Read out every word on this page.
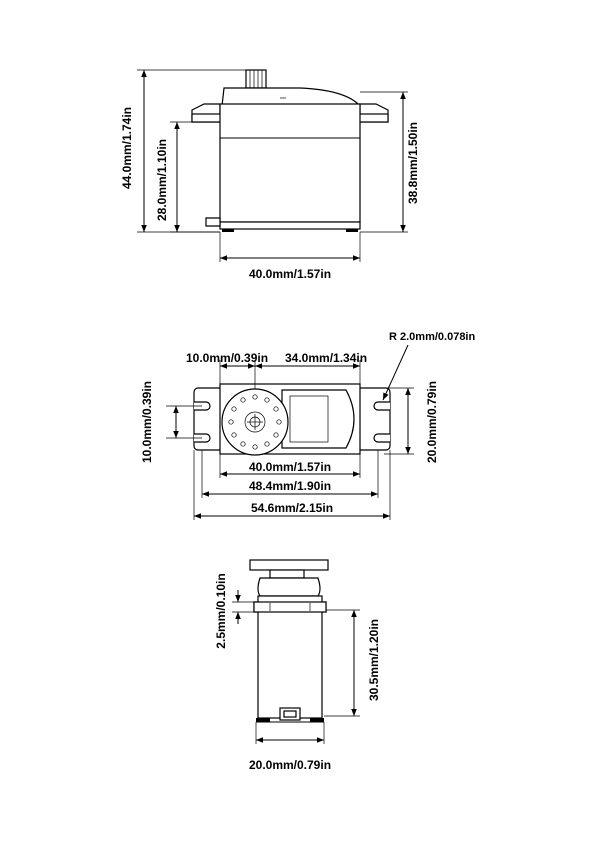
44.0mm/1.74in 28.0mm/1.10in	38.8mm/1.50in
40.0mm/1.57in
10.0mm/0.39in 34.0mm/1.34in
R 2.0mm/0.078in
10.0mm/0.39in	20.0mm/0.79in
40.0mm/1.57in
48.4mm/1.90in
54.6mm/2.15in
2.5mm/0.10in
30.5mm/1.20in
20.0mm/0.79in
